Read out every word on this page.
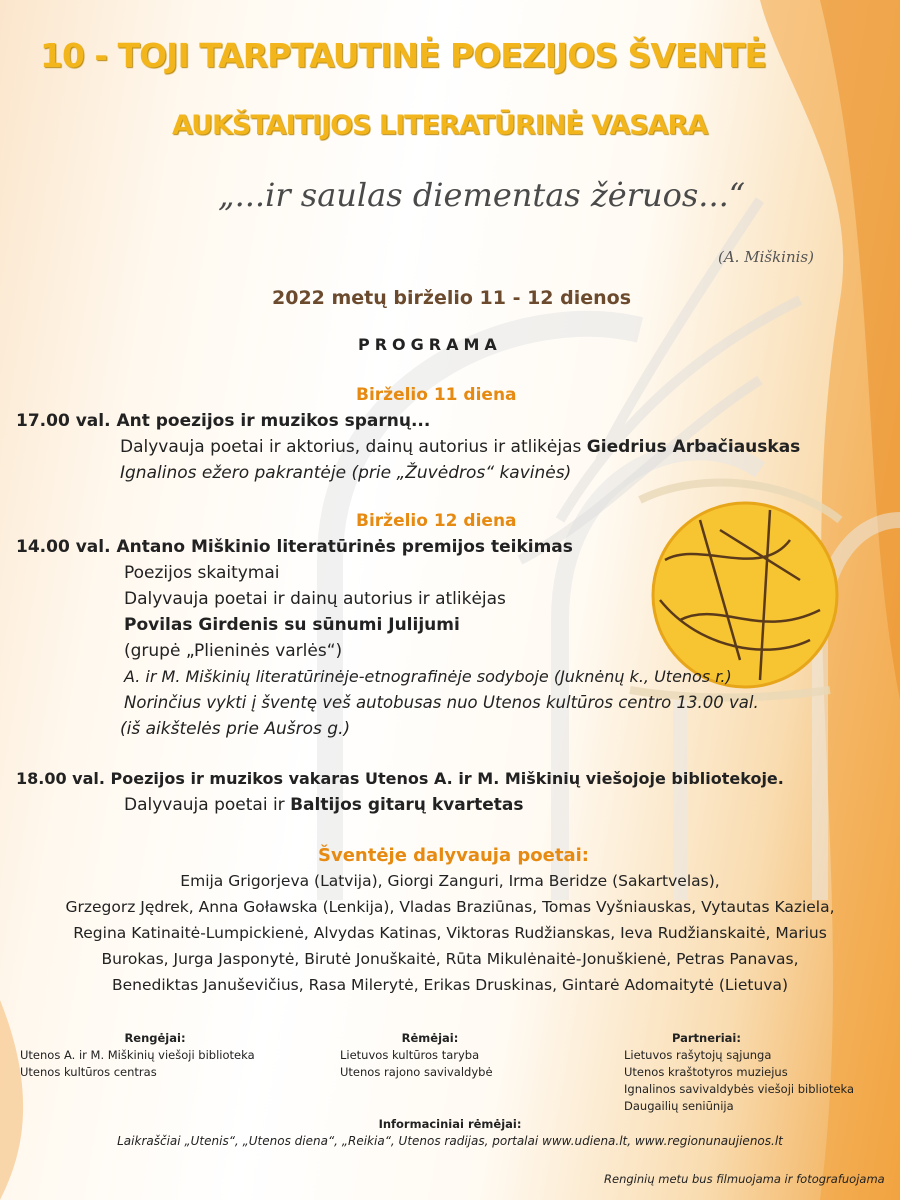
10 - TOJI TARPTAUTINĖ POEZIJOS ŠVENTĖ
AUKŠTAITIJOS LITERATŪRINĖ VASARA
„...ir saulas diementas žėruos...“
(A. Miškinis)
2022 metų birželio 11 - 12 dienos
PROGRAMA
Birželio 11 diena
17.00 val. Ant poezijos ir muzikos sparnų...
Dalyvauja poetai ir aktorius, dainų autorius ir atlikėjas Giedrius Arbačiauskas
Ignalinos ežero pakrantėje (prie „Žuvėdros“ kavinės)
Birželio 12 diena
14.00 val. Antano Miškinio literatūrinės premijos teikimas
Poezijos skaitymai
Dalyvauja poetai ir dainų autorius ir atlikėjas
Povilas Girdenis su sūnumi Julijumi
(grupė „Plieninės varlės“)
A. ir M. Miškinių literatūrinėje-etnografinėje sodyboje (Juknėnų k., Utenos r.)
Norinčius vykti į šventę veš autobusas nuo Utenos kultūros centro 13.00 val.
(iš aikštelės prie Aušros g.)
18.00 val. Poezijos ir muzikos vakaras Utenos A. ir M. Miškinių viešojoje bibliotekoje.
Dalyvauja poetai ir Baltijos gitarų kvartetas
Šventėje dalyvauja poetai:
Emija Grigorjeva (Latvija), Giorgi Zanguri, Irma Beridze (Sakartvelas),
Grzegorz Jędrek, Anna Goławska (Lenkija), Vladas Braziūnas, Tomas Vyšniauskas, Vytautas Kaziela,
Regina Katinaitė-Lumpickienė, Alvydas Katinas, Viktoras Rudžianskas, Ieva Rudžianskaitė, Marius
Burokas, Jurga Jasponytė, Birutė Jonuškaitė, Rūta Mikulėnaitė-Jonuškienė, Petras Panavas,
Benediktas Januševičius, Rasa Milerytė, Erikas Druskinas, Gintarė Adomaitytė (Lietuva)
Rengėjai:
Utenos A. ir M. Miškinių viešoji biblioteka
Utenos kultūros centras
Rėmėjai:
Lietuvos kultūros taryba
Utenos rajono savivaldybė
Partneriai:
Lietuvos rašytojų sąjunga
Utenos kraštotyros muziejus
Ignalinos savivaldybės viešoji biblioteka
Daugailių seniūnija
Informaciniai rėmėjai:
Laikraščiai „Utenis“, „Utenos diena“, „Reikia“, Utenos radijas, portalai www.udiena.lt, www.regionunaujienos.lt
Renginių metu bus filmuojama ir fotografuojama
